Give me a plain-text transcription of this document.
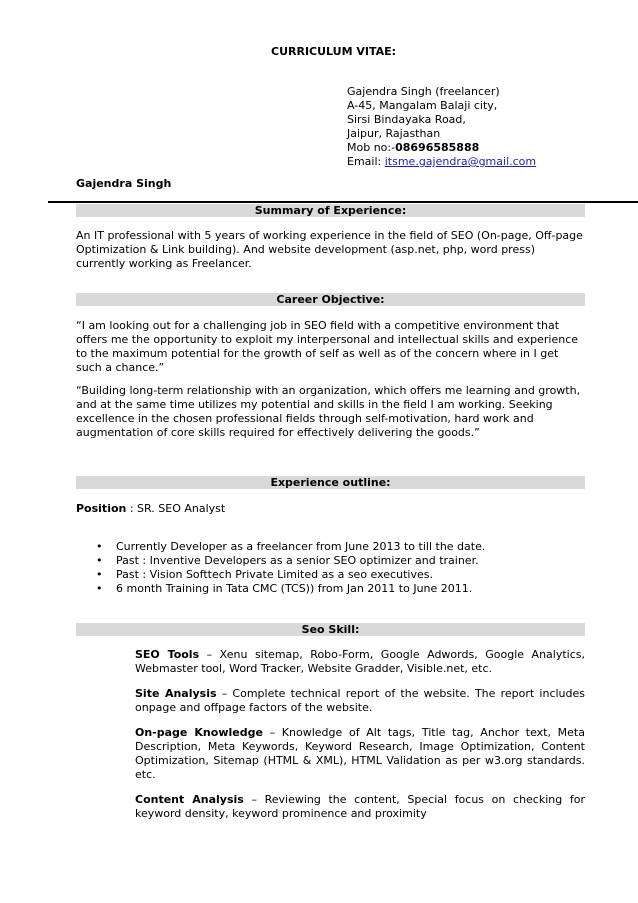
CURRICULUM VITAE:
Gajendra Singh (freelancer)
A-45, Mangalam Balaji city,
Sirsi Bindayaka Road,
Jaipur, Rajasthan
Mob no:-08696585888
Email: itsme.gajendra@gmail.com
Gajendra Singh
Summary of Experience:
An IT professional with 5 years of working experience in the field of SEO (On-page, Off-page Optimization & Link building). And website development (asp.net, php, word press) currently working as Freelancer.
Career Objective:
“I am looking out for a challenging job in SEO field with a competitive environment that offers me the opportunity to exploit my interpersonal and intellectual skills and experience to the maximum potential for the growth of self as well as of the concern where in I get such a chance.”
“Building long-term relationship with an organization, which offers me learning and growth, and at the same time utilizes my potential and skills in the field I am working. Seeking excellence in the chosen professional fields through self-motivation, hard work and augmentation of core skills required for effectively delivering the goods.”
Experience outline:
Position : SR. SEO Analyst
• Currently Developer as a freelancer from June 2013 to till the date.
• Past : Inventive Developers as a senior SEO optimizer and trainer.
• Past : Vision Softtech Private Limited as a seo executives.
• 6 month Training in Tata CMC (TCS)) from Jan 2011 to June 2011.
Seo Skill:
SEO Tools – Xenu sitemap, Robo-Form, Google Adwords, Google Analytics, Webmaster tool, Word Tracker, Website Gradder, Visible.net, etc.
Site Analysis – Complete technical report of the website. The report includes onpage and offpage factors of the website.
On-page Knowledge – Knowledge of Alt tags, Title tag, Anchor text, Meta Description, Meta Keywords, Keyword Research, Image Optimization, Content Optimization, Sitemap (HTML & XML), HTML Validation as per w3.org standards. etc.
Content Analysis – Reviewing the content, Special focus on checking for keyword density, keyword prominence and proximity
